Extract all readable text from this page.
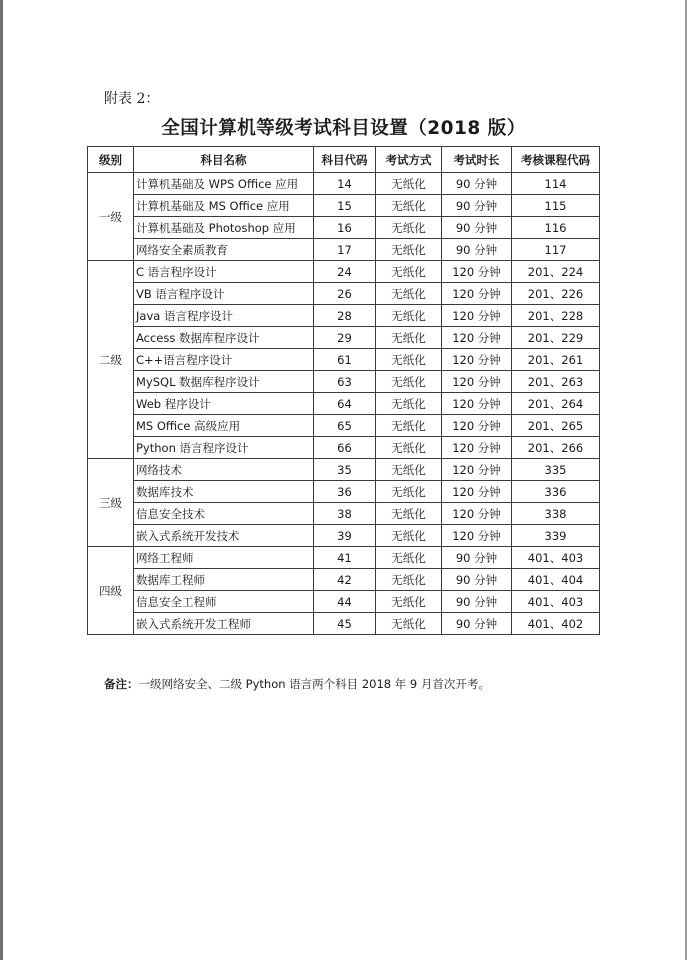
附表 2：
全国计算机等级考试科目设置（2018 版）
级别	科目名称	科目代码	考试方式	考试时长	考核课程代码
一级	计算机基础及 WPS Office 应用	14	无纸化	90 分钟	114
	计算机基础及 MS Office 应用	15	无纸化	90 分钟	115
	计算机基础及 Photoshop 应用	16	无纸化	90 分钟	116
	网络安全素质教育	17	无纸化	90 分钟	117
二级	C 语言程序设计	24	无纸化	120 分钟	201、224
	VB 语言程序设计	26	无纸化	120 分钟	201、226
	Java 语言程序设计	28	无纸化	120 分钟	201、228
	Access 数据库程序设计	29	无纸化	120 分钟	201、229
	C++语言程序设计	61	无纸化	120 分钟	201、261
	MySQL 数据库程序设计	63	无纸化	120 分钟	201、263
	Web 程序设计	64	无纸化	120 分钟	201、264
	MS Office 高级应用	65	无纸化	120 分钟	201、265
	Python 语言程序设计	66	无纸化	120 分钟	201、266
三级	网络技术	35	无纸化	120 分钟	335
	数据库技术	36	无纸化	120 分钟	336
	信息安全技术	38	无纸化	120 分钟	338
	嵌入式系统开发技术	39	无纸化	120 分钟	339
四级	网络工程师	41	无纸化	90 分钟	401、403
	数据库工程师	42	无纸化	90 分钟	401、404
	信息安全工程师	44	无纸化	90 分钟	401、403
	嵌入式系统开发工程师	45	无纸化	90 分钟	401、402
备注：一级网络安全、二级 Python 语言两个科目 2018 年 9 月首次开考。
